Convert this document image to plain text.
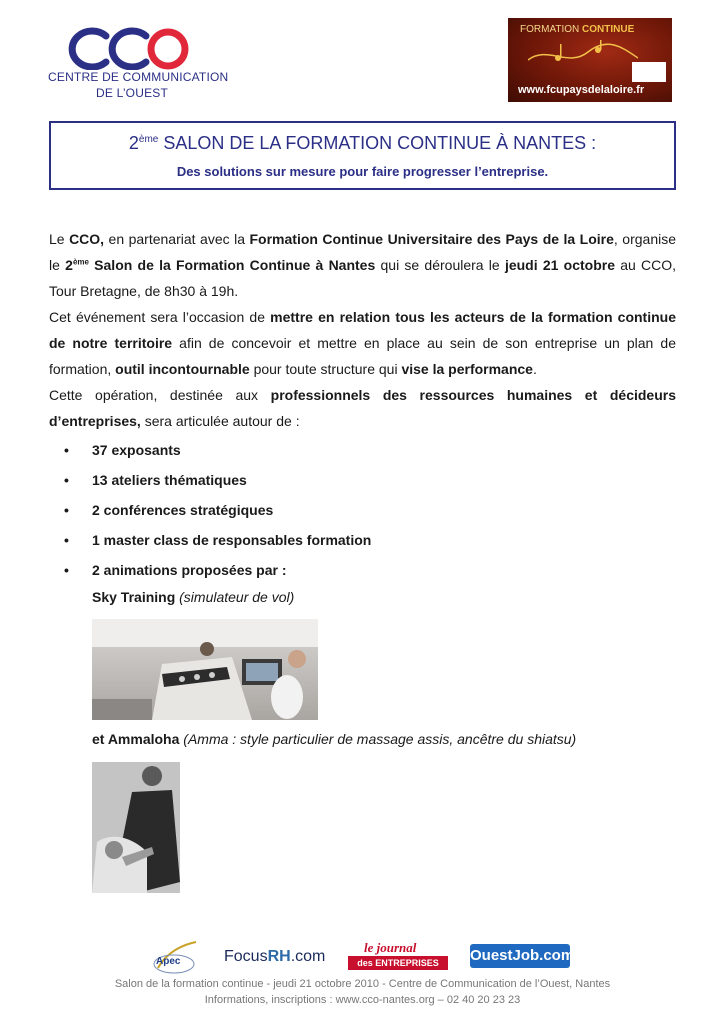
CENTRE DE COMMUNICATION
DE L’OUEST
FORMATION CONTINUE
www.fcupaysdelaloire.fr
2ème SALON DE LA FORMATION CONTINUE À NANTES :
Des solutions sur mesure pour faire progresser l’entreprise.

Le CCO, en partenariat avec la Formation Continue Universitaire des Pays de la Loire, organise le 2ème Salon de la Formation Continue à Nantes qui se déroulera le jeudi 21 octobre au CCO, Tour Bretagne, de 8h30 à 19h.

Cet événement sera l’occasion de mettre en relation tous les acteurs de la formation continue de notre territoire afin de concevoir et mettre en place au sein de son entreprise un plan de formation, outil incontournable pour toute structure qui vise la performance.

Cette opération, destinée aux professionnels des ressources humaines et décideurs d’entreprises, sera articulée autour de :

• 37 exposants
• 13 ateliers thématiques
• 2 conférences stratégiques
• 1 master class de responsables formation
• 2 animations proposées par :
Sky Training (simulateur de vol)
et Ammaloha (Amma : style particulier de massage assis, ancêtre du shiatsu)
Apec	FocusRH.com
le journal
des ENTREPRISES	OuestJob.com
Salon de la formation continue - jeudi 21 octobre 2010 - Centre de Communication de l’Ouest, Nantes
Informations, inscriptions : www.cco-nantes.org – 02 40 20 23 23
